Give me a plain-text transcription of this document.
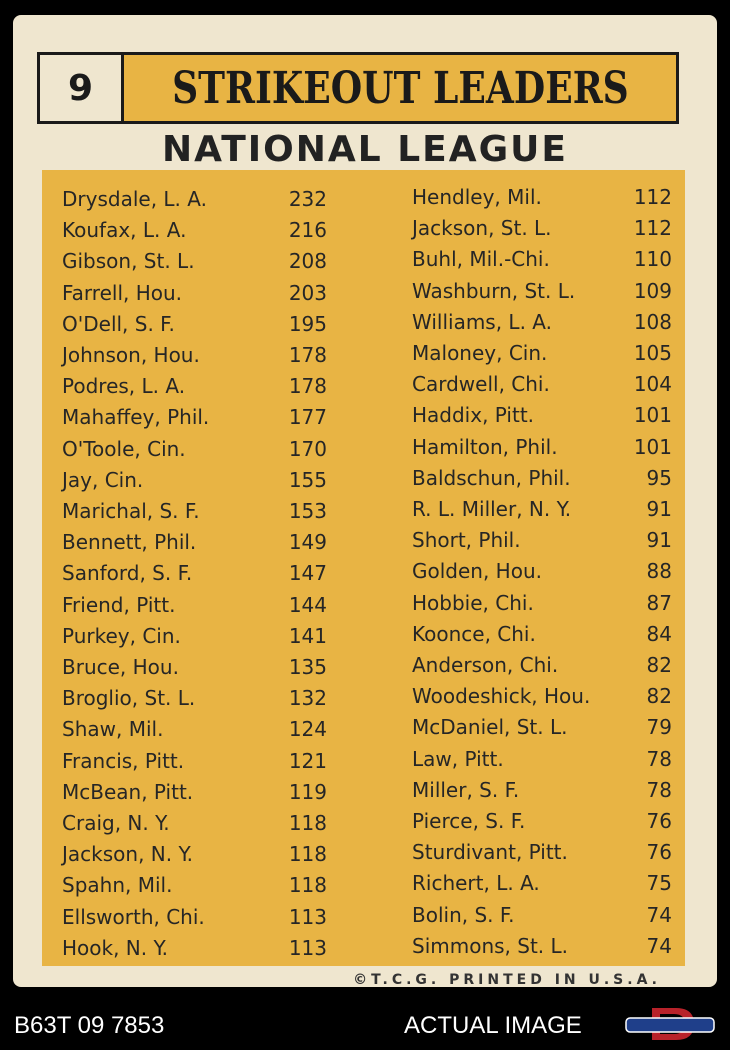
9	STRIKEOUT LEADERS
NATIONAL LEAGUE
Drysdale, L. A.	232
Koufax, L. A.	216
Gibson, St. L.	208
Farrell, Hou.	203
O'Dell, S. F.	195
Johnson, Hou.	178
Podres, L. A.	178
Mahaffey, Phil.	177
O'Toole, Cin.	170
Jay, Cin.	155
Marichal, S. F.	153
Bennett, Phil.	149
Sanford, S. F.	147
Friend, Pitt.	144
Purkey, Cin.	141
Bruce, Hou.	135
Broglio, St. L.	132
Shaw, Mil.	124
Francis, Pitt.	121
McBean, Pitt.	119
Craig, N. Y.	118
Jackson, N. Y.	118
Spahn, Mil.	118
Ellsworth, Chi.	113
Hook, N. Y.	113
Hendley, Mil.	112
Jackson, St. L.	112
Buhl, Mil.-Chi.	110
Washburn, St. L.	109
Williams, L. A.	108
Maloney, Cin.	105
Cardwell, Chi.	104
Haddix, Pitt.	101
Hamilton, Phil.	101
Baldschun, Phil.	95
R. L. Miller, N. Y.	91
Short, Phil.	91
Golden, Hou.	88
Hobbie, Chi.	87
Koonce, Chi.	84
Anderson, Chi.	82
Woodeshick, Hou.	82
McDaniel, St. L.	79
Law, Pitt.	78
Miller, S. F.	78
Pierce, S. F.	76
Sturdivant, Pitt.	76
Richert, L. A.	75
Bolin, S. F.	74
Simmons, St. L.	74
©T.C.G. PRINTED IN U.S.A.
B63T 09 7853	ACTUAL IMAGE
